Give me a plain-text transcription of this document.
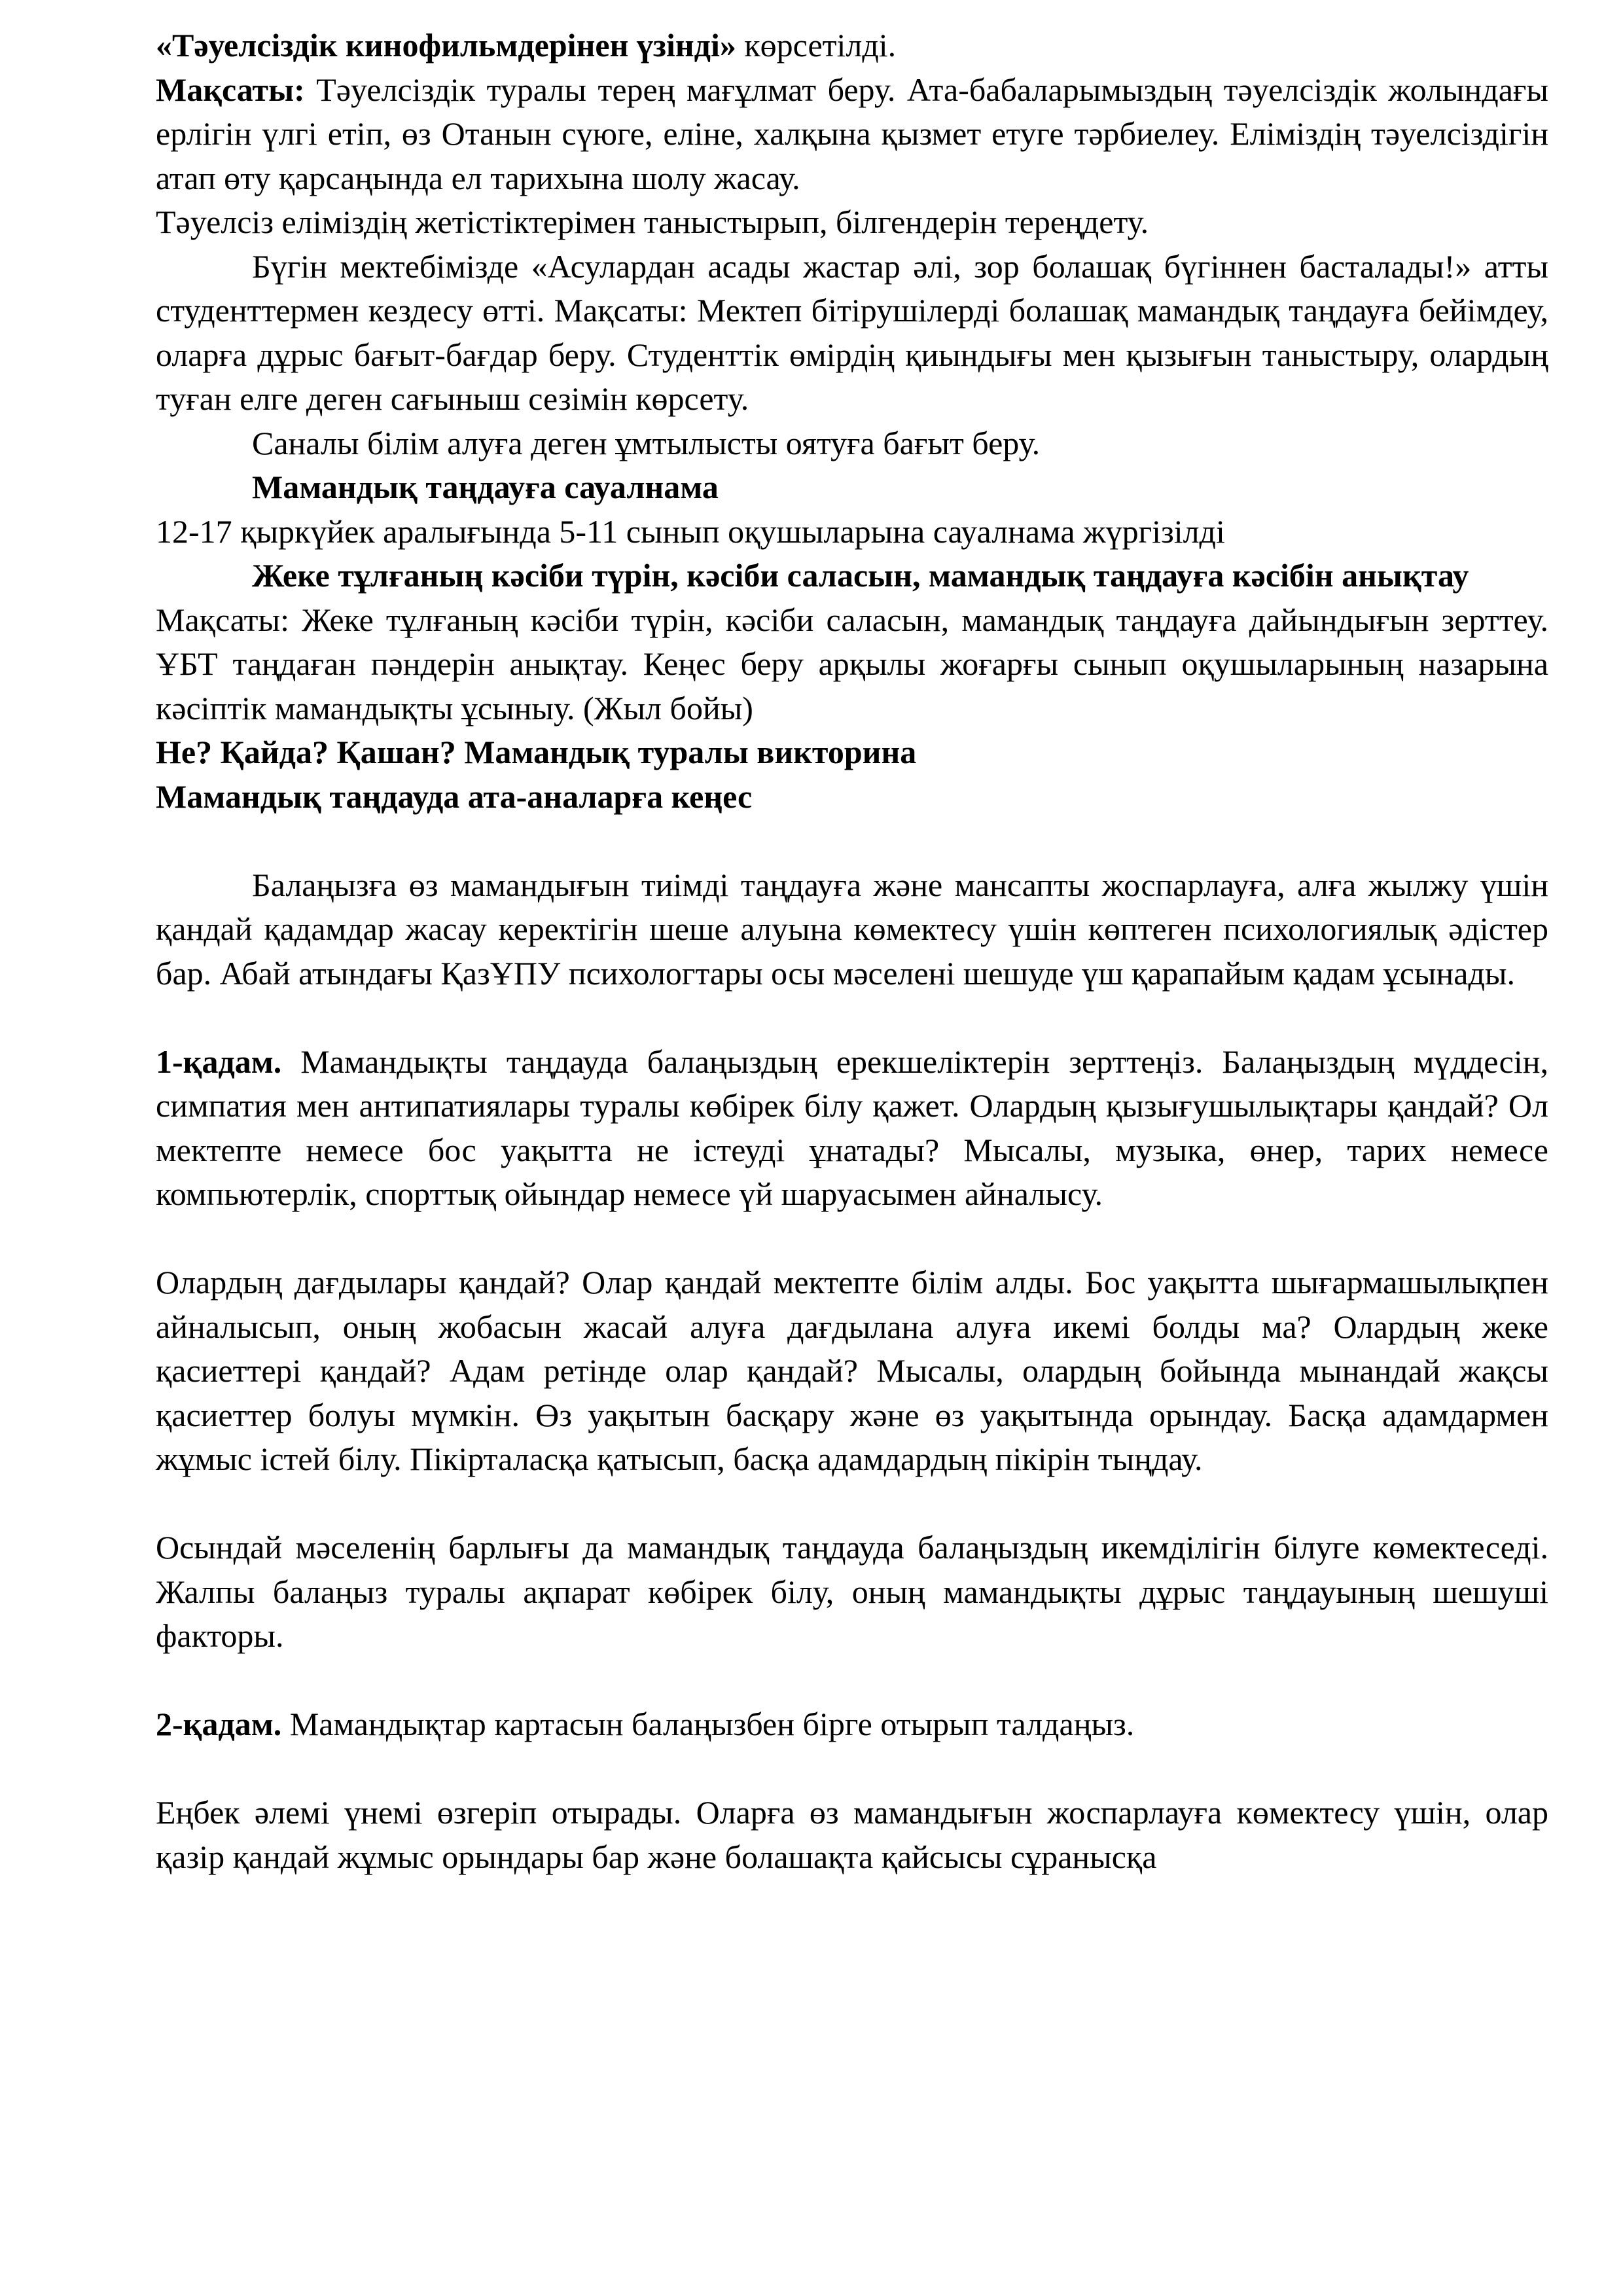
«Тәуелсіздік кинофильмдерінен үзінді» көрсетілді.

Мақсаты: Тәуелсіздік туралы терең мағұлмат беру. Ата-бабаларымыздың тәуелсіздік жолындағы ерлігін үлгі етіп, өз Отанын сүюге, еліне, халқына қызмет етуге тәрбиелеу. Еліміздің тәуелсіздігін атап өту қарсаңында ел тарихына шолу жасау.

Тәуелсіз еліміздің жетістіктерімен таныстырып, білгендерін тереңдету.

Бүгін мектебімізде «Асулардан асады жастар әлі, зор болашақ бүгіннен басталады!» атты студенттермен кездесу өтті. Мақсаты: Мектеп бітірушілерді болашақ мамандық таңдауға бейімдеу, оларға дұрыс бағыт-бағдар беру. Студенттік өмірдің қиындығы мен қызығын таныстыру, олардың туған елге деген сағыныш сезімін көрсету.

Саналы білім алуға деген ұмтылысты оятуға бағыт беру.

Мамандық таңдауға сауалнама

12-17 қыркүйек аралығында 5-11 сынып оқушыларына сауалнама жүргізілді

Жеке тұлғаның кәсіби түрін, кәсіби саласын, мамандық таңдауға кәсібін анықтау

Мақсаты: Жеке тұлғаның кәсіби түрін, кәсіби саласын, мамандық таңдауға дайындығын зерттеу. ҰБТ таңдаған пәндерін анықтау. Кеңес беру арқылы жоғарғы сынып оқушыларының назарына кәсіптік мамандықты ұсыныу. (Жыл бойы)

Не? Қайда? Қашан? Мамандық туралы викторина

Мамандық таңдауда ата-аналарға кеңес

Балаңызға өз мамандығын тиімді таңдауға және мансапты жоспарлауға, алға жылжу үшін қандай қадамдар жасау керектігін шеше алуына көмектесу үшін көптеген психологиялық әдістер бар. Абай атындағы ҚазҰПУ психологтары осы мәселені шешуде үш қарапайым қадам ұсынады.

1-қадам. Мамандықты таңдауда балаңыздың ерекшеліктерін зерттеңіз. Балаңыздың мүддесін, симпатия мен антипатиялары туралы көбірек білу қажет. Олардың қызығушылықтары қандай? Ол мектепте немесе бос уақытта не істеуді ұнатады? Мысалы, музыка, өнер, тарих немесе компьютерлік, спорттық ойындар немесе үй шаруасымен айналысу.

Олардың дағдылары қандай? Олар қандай мектепте білім алды. Бос уақытта шығармашылықпен айналысып, оның жобасын жасай алуға дағдылана алуға икемі болды ма? Олардың жеке қасиеттері қандай? Адам ретінде олар қандай? Мысалы, олардың бойында мынандай жақсы қасиеттер болуы мүмкін. Өз уақытын басқару және өз уақытында орындау. Басқа адамдармен жұмыс істей білу. Пікірталасқа қатысып, басқа адамдардың пікірін тыңдау.

Осындай мәселенің барлығы да мамандық таңдауда балаңыздың икемділігін білуге көмектеседі. Жалпы балаңыз туралы ақпарат көбірек білу, оның мамандықты дұрыс таңдауының шешуші факторы.

2-қадам. Мамандықтар картасын балаңызбен бірге отырып талдаңыз.

Еңбек әлемі үнемі өзгеріп отырады. Оларға өз мамандығын жоспарлауға көмектесу үшін, олар қазір қандай жұмыс орындары бар және болашақта қайсысы сұранысқа
